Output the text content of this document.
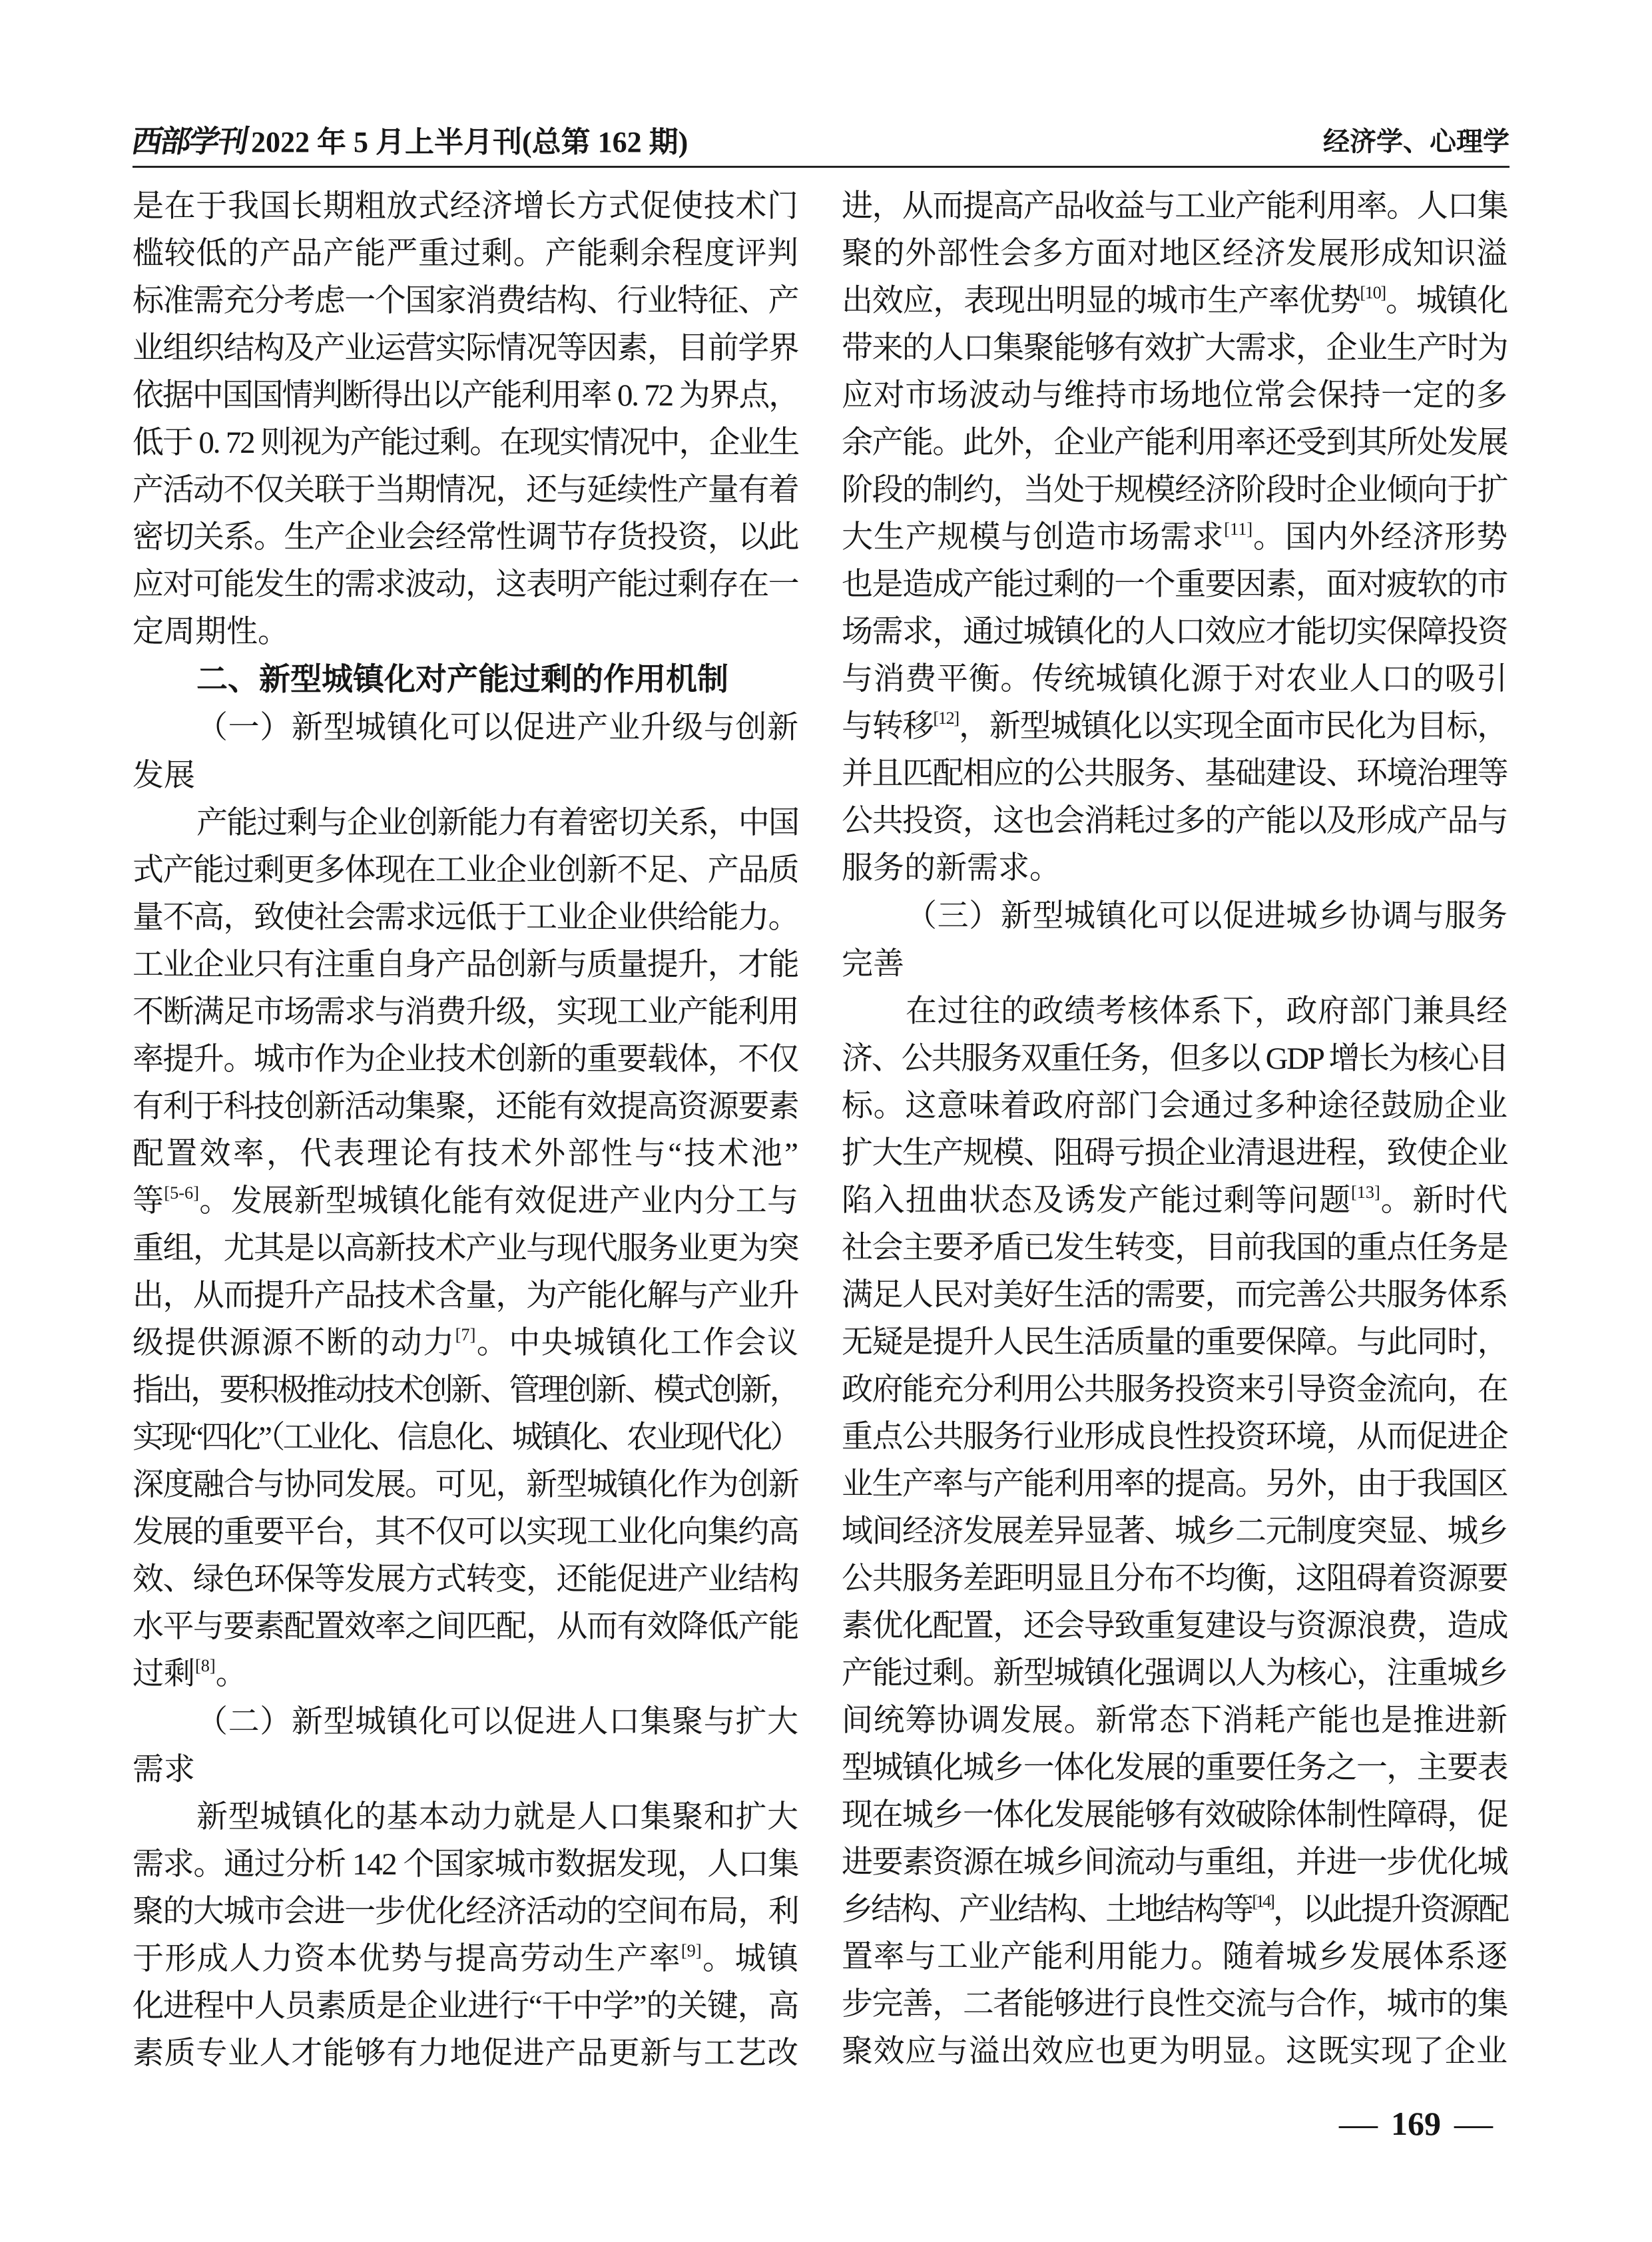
西部学刊 2022 年 5 月上半月刊(总第 162 期)	经济学、心理学
是在于我国长期粗放式经济增长方式促使技术门
槛较低的产品产能严重过剩。产能剩余程度评判
标准需充分考虑一个国家消费结构、行业特征、产
业组织结构及产业运营实际情况等因素，目前学界
依据中国国情判断得出以产能利用率 0. 72 为界点，
低于 0. 72 则视为产能过剩。在现实情况中，企业生
产活动不仅关联于当期情况，还与延续性产量有着
密切关系。生产企业会经常性调节存货投资，以此
应对可能发生的需求波动，这表明产能过剩存在一
定周期性。
二、新型城镇化对产能过剩的作用机制
（一）新型城镇化可以促进产业升级与创新
发展
产能过剩与企业创新能力有着密切关系，中国
式产能过剩更多体现在工业企业创新不足、产品质
量不高，致使社会需求远低于工业企业供给能力。
工业企业只有注重自身产品创新与质量提升，才能
不断满足市场需求与消费升级，实现工业产能利用
率提升。城市作为企业技术创新的重要载体，不仅
有利于科技创新活动集聚，还能有效提高资源要素
配置效率，代表理论有技术外部性与“技术池”
等[5-6]。发展新型城镇化能有效促进产业内分工与
重组，尤其是以高新技术产业与现代服务业更为突
出，从而提升产品技术含量，为产能化解与产业升
级提供源源不断的动力[7]。中央城镇化工作会议
指出，要积极推动技术创新、管理创新、模式创新，
实现“四化”（工业化、信息化、城镇化、农业现代化）
深度融合与协同发展。可见，新型城镇化作为创新
发展的重要平台，其不仅可以实现工业化向集约高
效、绿色环保等发展方式转变，还能促进产业结构
水平与要素配置效率之间匹配，从而有效降低产能
过剩[8]。
（二）新型城镇化可以促进人口集聚与扩大
需求
新型城镇化的基本动力就是人口集聚和扩大
需求。通过分析 142 个国家城市数据发现，人口集
聚的大城市会进一步优化经济活动的空间布局，利
于形成人力资本优势与提高劳动生产率[9]。城镇
化进程中人员素质是企业进行“干中学”的关键，高
素质专业人才能够有力地促进产品更新与工艺改
进，从而提高产品收益与工业产能利用率。人口集
聚的外部性会多方面对地区经济发展形成知识溢
出效应，表现出明显的城市生产率优势[10]。城镇化
带来的人口集聚能够有效扩大需求，企业生产时为
应对市场波动与维持市场地位常会保持一定的多
余产能。此外，企业产能利用率还受到其所处发展
阶段的制约，当处于规模经济阶段时企业倾向于扩
大生产规模与创造市场需求[11]。国内外经济形势
也是造成产能过剩的一个重要因素，面对疲软的市
场需求，通过城镇化的人口效应才能切实保障投资
与消费平衡。传统城镇化源于对农业人口的吸引
与转移[12]，新型城镇化以实现全面市民化为目标，
并且匹配相应的公共服务、基础建设、环境治理等
公共投资，这也会消耗过多的产能以及形成产品与
服务的新需求。
（三）新型城镇化可以促进城乡协调与服务
完善
在过往的政绩考核体系下，政府部门兼具经
济、公共服务双重任务，但多以 GDP 增长为核心目
标。这意味着政府部门会通过多种途径鼓励企业
扩大生产规模、阻碍亏损企业清退进程，致使企业
陷入扭曲状态及诱发产能过剩等问题[13]。新时代
社会主要矛盾已发生转变，目前我国的重点任务是
满足人民对美好生活的需要，而完善公共服务体系
无疑是提升人民生活质量的重要保障。与此同时，
政府能充分利用公共服务投资来引导资金流向，在
重点公共服务行业形成良性投资环境，从而促进企
业生产率与产能利用率的提高。另外，由于我国区
域间经济发展差异显著、城乡二元制度突显、城乡
公共服务差距明显且分布不均衡，这阻碍着资源要
素优化配置，还会导致重复建设与资源浪费，造成
产能过剩。新型城镇化强调以人为核心，注重城乡
间统筹协调发展。新常态下消耗产能也是推进新
型城镇化城乡一体化发展的重要任务之一，主要表
现在城乡一体化发展能够有效破除体制性障碍，促
进要素资源在城乡间流动与重组，并进一步优化城
乡结构、产业结构、土地结构等[14]，以此提升资源配
置率与工业产能利用能力。随着城乡发展体系逐
步完善，二者能够进行良性交流与合作，城市的集
聚效应与溢出效应也更为明显。这既实现了企业
— 169 —
